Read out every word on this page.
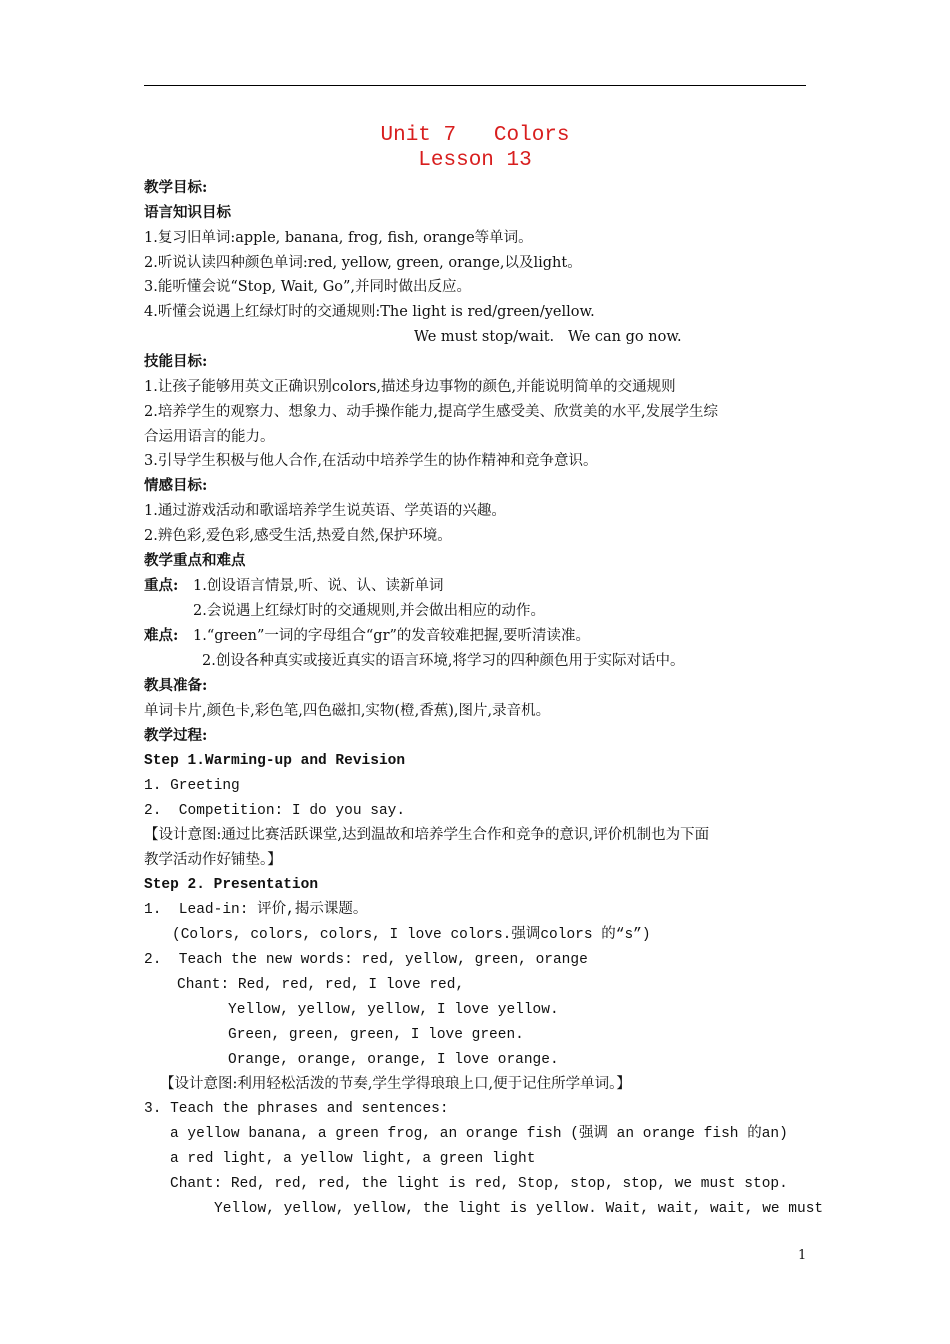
Unit 7   Colors
Lesson 13
教学目标:
语言知识目标
1.复习旧单词:apple, banana, frog, fish, orange等单词。
2.听说认读四种颜色单词:red, yellow, green, orange,以及light。
3.能听懂会说“Stop, Wait, Go”,并同时做出反应。
4.听懂会说遇上红绿灯时的交通规则:The light is red/green/yellow.
We must stop/wait.   We can go now.
技能目标:
1.让孩子能够用英文正确识别colors,描述身边事物的颜色,并能说明简单的交通规则
2.培养学生的观察力、想象力、动手操作能力,提高学生感受美、欣赏美的水平,发展学生综
合运用语言的能力。
3.引导学生积极与他人合作,在活动中培养学生的协作精神和竞争意识。
情感目标:
1.通过游戏活动和歌谣培养学生说英语、学英语的兴趣。
2.辨色彩,爱色彩,感受生活,热爱自然,保护环境。
教学重点和难点
重点: 1.创设语言情景,听、说、认、读新单词
2.会说遇上红绿灯时的交通规则,并会做出相应的动作。
难点: 1.“green”一词的字母组合“gr”的发音较难把握,要听清读准。
2.创设各种真实或接近真实的语言环境,将学习的四种颜色用于实际对话中。
教具准备:
单词卡片,颜色卡,彩色笔,四色磁扣,实物(橙,香蕉),图片,录音机。
教学过程:
Step 1.Warming-up and Revision
1. Greeting
2.  Competition: I do you say.
【设计意图:通过比赛活跃课堂,达到温故和培养学生合作和竞争的意识,评价机制也为下面
教学活动作好铺垫。】
Step 2. Presentation
1.  Lead-in: 评价,揭示课题。
(Colors, colors, colors, I love colors.强调colors 的“s”)
2.  Teach the new words: red, yellow, green, orange
Chant: Red, red, red, I love red,
Yellow, yellow, yellow, I love yellow.
Green, green, green, I love green.
Orange, orange, orange, I love orange.
【设计意图:利用轻松活泼的节奏,学生学得琅琅上口,便于记住所学单词。】
3. Teach the phrases and sentences:
a yellow banana, a green frog, an orange fish (强调 an orange fish 的an)
a red light, a yellow light, a green light
Chant: Red, red, red, the light is red, Stop, stop, stop, we must stop.
Yellow, yellow, yellow, the light is yellow. Wait, wait, wait, we must
1
